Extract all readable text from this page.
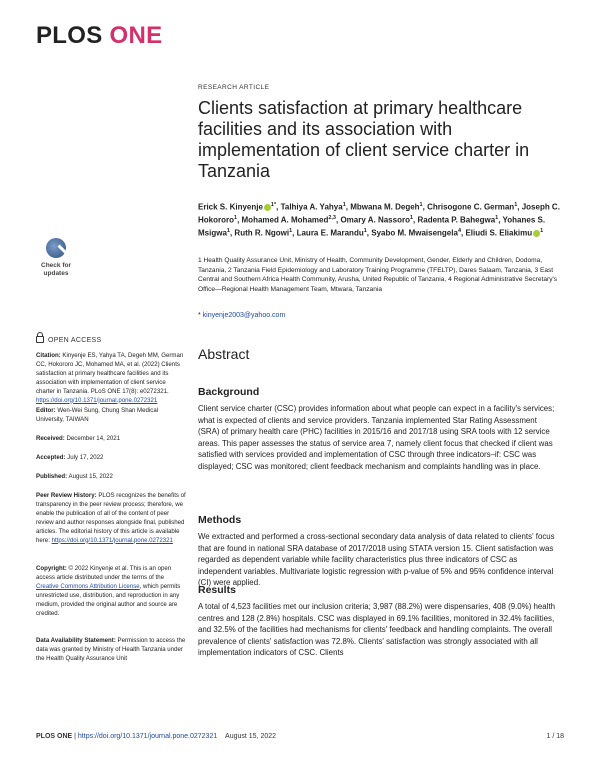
PLOS ONE
RESEARCH ARTICLE
Clients satisfaction at primary healthcare facilities and its association with implementation of client service charter in Tanzania
Erick S. Kinyenje $^{1*}$, Talhiya A. Yahya$^1$, Mbwana M. Degeh$^1$, Chrisogone C. German$^1$, Joseph C. Hokororo$^1$, Mohamed A. Mohamed$^{2,3}$, Omary A. Nassoro$^1$, Radenta P. Bahegwa$^1$, Yohanes S. Msigwa$^1$, Ruth R. Ngowi$^1$, Laura E. Marandu$^1$, Syabo M. Mwaisengela$^4$, Eliudi S. Eliakimu $^1$
1 Health Quality Assurance Unit, Ministry of Health, Community Development, Gender, Elderly and Children, Dodoma, Tanzania, 2 Tanzania Field Epidemiology and Laboratory Training Programme (TFELTP), Dares Salaam, Tanzania, 3 East Central and Southern Africa Health Community, Arusha, United Republic of Tanzania, 4 Regional Administrative Secretary's Office—Regional Health Management Team, Mtwara, Tanzania
* kinyenje2003@yahoo.com
Check for updates
OPEN ACCESS
Citation: Kinyenje ES, Yahya TA, Degeh MM, German CC, Hokororo JC, Mohamed MA, et al. (2022) Clients satisfaction at primary healthcare facilities and its association with implementation of client service charter in Tanzania. PLoS ONE 17(8): e0272321. https://doi.org/10.1371/journal.pone.0272321
Editor: Wen-Wei Sung, Chung Shan Medical University, TAIWAN
Received: December 14, 2021
Accepted: July 17, 2022
Published: August 15, 2022
Peer Review History: PLOS recognizes the benefits of transparency in the peer review process; therefore, we enable the publication of all of the content of peer review and author responses alongside final, published articles. The editorial history of this article is available here: https://doi.org/10.1371/journal.pone.0272321
Copyright: © 2022 Kinyenje et al. This is an open access article distributed under the terms of the Creative Commons Attribution License, which permits unrestricted use, distribution, and reproduction in any medium, provided the original author and source are credited.
Data Availability Statement: Permission to access the data was granted by Ministry of Health Tanzania under the Health Quality Assurance Unit
Abstract
Background
Client service charter (CSC) provides information about what people can expect in a facility's services; what is expected of clients and service providers. Tanzania implemented Star Rating Assessment (SRA) of primary health care (PHC) facilities in 2015/16 and 2017/18 using SRA tools with 12 service areas. This paper assesses the status of service area 7, namely client focus that checked if client was satisfied with services provided and implementation of CSC through three indicators–if: CSC was displayed; CSC was monitored; client feedback mechanism and complaints handling was in place.
Methods
We extracted and performed a cross-sectional secondary data analysis of data related to clients' focus that are found in national SRA database of 2017/2018 using STATA version 15. Client satisfaction was regarded as dependent variable while facility characteristics plus three indicators of CSC as independent variables. Multivariate logistic regression with p-value of 5% and 95% confidence interval (CI) were applied.
Results
A total of 4,523 facilities met our inclusion criteria; 3,987 (88.2%) were dispensaries, 408 (9.0%) health centres and 128 (2.8%) hospitals. CSC was displayed in 69.1% facilities, monitored in 32.4% facilities, and 32.5% of the facilities had mechanisms for clients' feedback and handling complaints. The overall prevalence of clients' satisfaction was 72.8%. Clients' satisfaction was strongly associated with all implementation indicators of CSC. Clients
PLOS ONE | https://doi.org/10.1371/journal.pone.0272321 August 15, 2022	1 / 18
